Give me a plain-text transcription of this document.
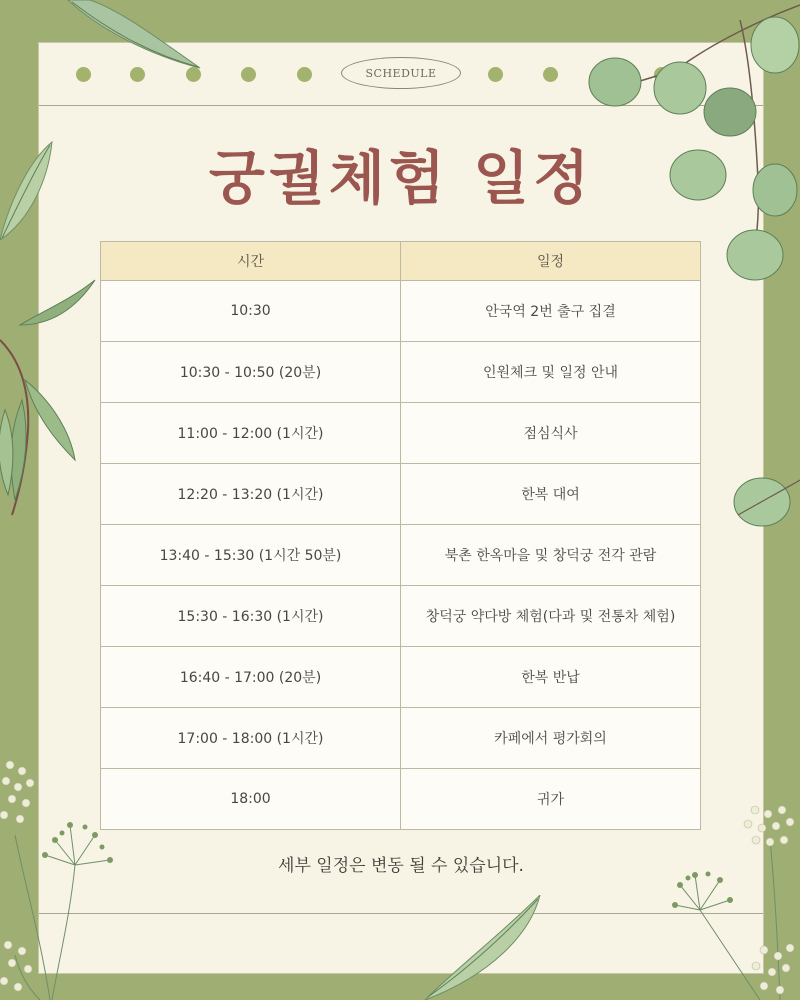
SCHEDULE
궁궐체험 일정
시간	일정
10:30	안국역 2번 출구 집결
10:30 - 10:50 (20분)	인원체크 및 일정 안내
11:00 - 12:00 (1시간)	점심식사
12:20 - 13:20 (1시간)	한복 대여
13:40 - 15:30 (1시간 50분)	북촌 한옥마을 및 창덕궁 전각 관람
15:30 - 16:30 (1시간)	창덕궁 약다방 체험(다과 및 전통차 체험)
16:40 - 17:00 (20분)	한복 반납
17:00 - 18:00 (1시간)	카페에서 평가회의
18:00	귀가
세부 일정은 변동 될 수 있습니다.
